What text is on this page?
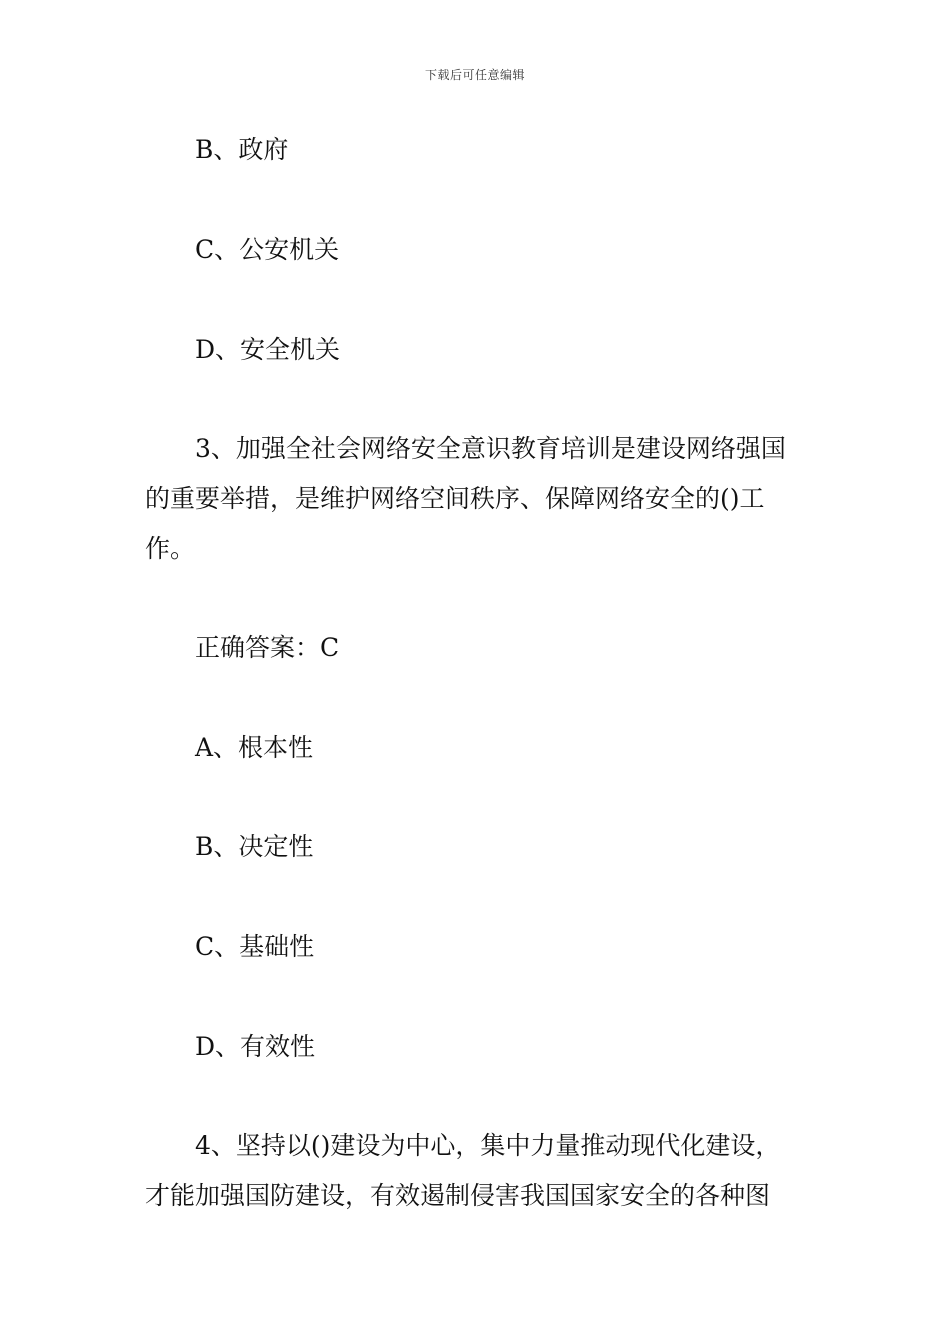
下载后可任意编辑
B、政府
C、公安机关
D、安全机关
3、加强全社会网络安全意识教育培训是建设网络强国
的重要举措，是维护网络空间秩序、保障网络安全的()工
作。
正确答案：C
A、根本性
B、决定性
C、基础性
D、有效性
4、坚持以()建设为中心，集中力量推动现代化建设，
才能加强国防建设，有效遏制侵害我国国家安全的各种图
